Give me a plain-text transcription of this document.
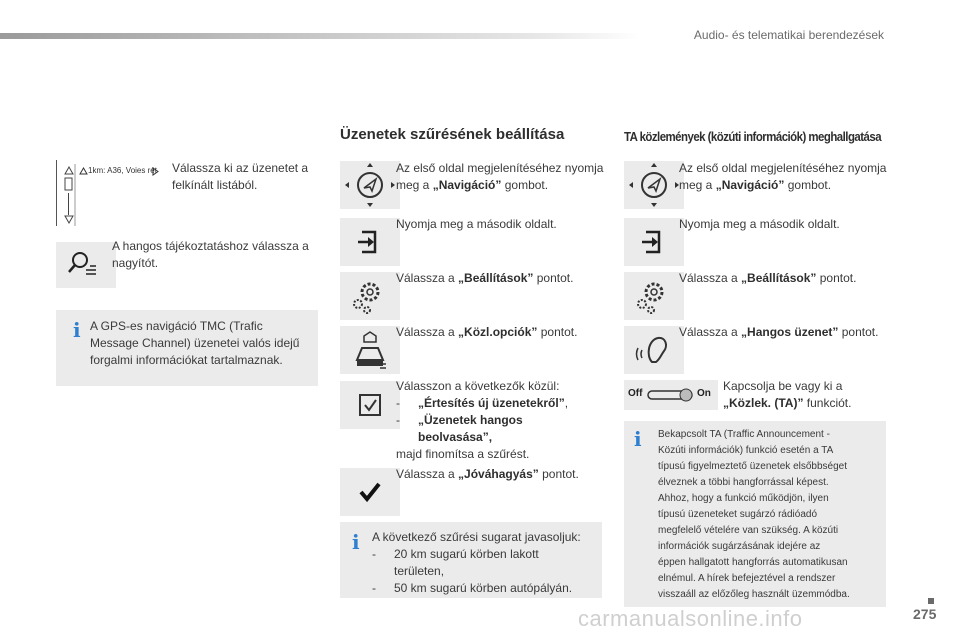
Audio- és telematikai berendezések
1km: A36, Voies rét Válassza ki az üzenetet a felkínált listából.
A hangos tájékoztatáshoz válassza a nagyítót.
i A GPS-es navigáció TMC (Trafic Message Channel) üzenetei valós idejű forgalmi információkat tartalmaznak.
Üzenetek szűrésének beállítása
Az első oldal megjelenítéséhez nyomja meg a „Navigáció” gombot.
Nyomja meg a második oldalt.
Válassza a „Beállítások” pontot.
Válassza a „Közl.opciók” pontot.
Válasszon a következők közül:
-	„Értesítés új üzenetekről”,
-	„Üzenetek hangos
beolvasása”,
majd finomítsa a szűrést.
Válassza a „Jóváhagyás” pontot.
i A következő szűrési sugarat javasoljuk:
-	20 km sugarú körben lakott
területen,
-	50 km sugarú körben autópályán.
TA közlemények (közúti információk) meghallgatása
Az első oldal megjelenítéséhez nyomja meg a „Navigáció” gombot.
Nyomja meg a második oldalt.
Válassza a „Beállítások” pontot.
Válassza a „Hangos üzenet” pontot.
Off	On
Kapcsolja be vagy ki a „Közlek. (TA)” funkciót.
i Bekapcsolt TA (Traffic Announcement -
Közúti információk) funkció esetén a TA
típusú figyelmeztető üzenetek elsőbbséget
élveznek a többi hangforrással képest.
Ahhoz, hogy a funkció működjön, ilyen
típusú üzeneteket sugárzó rádióadó
megfelelő vételére van szükség. A közúti
információk sugárzásának idejére az
éppen hallgatott hangforrás automatikusan
elnémul. A hírek befejeztével a rendszer
visszaáll az előzőleg használt üzemmódba.
carmanualsonline.info	275
